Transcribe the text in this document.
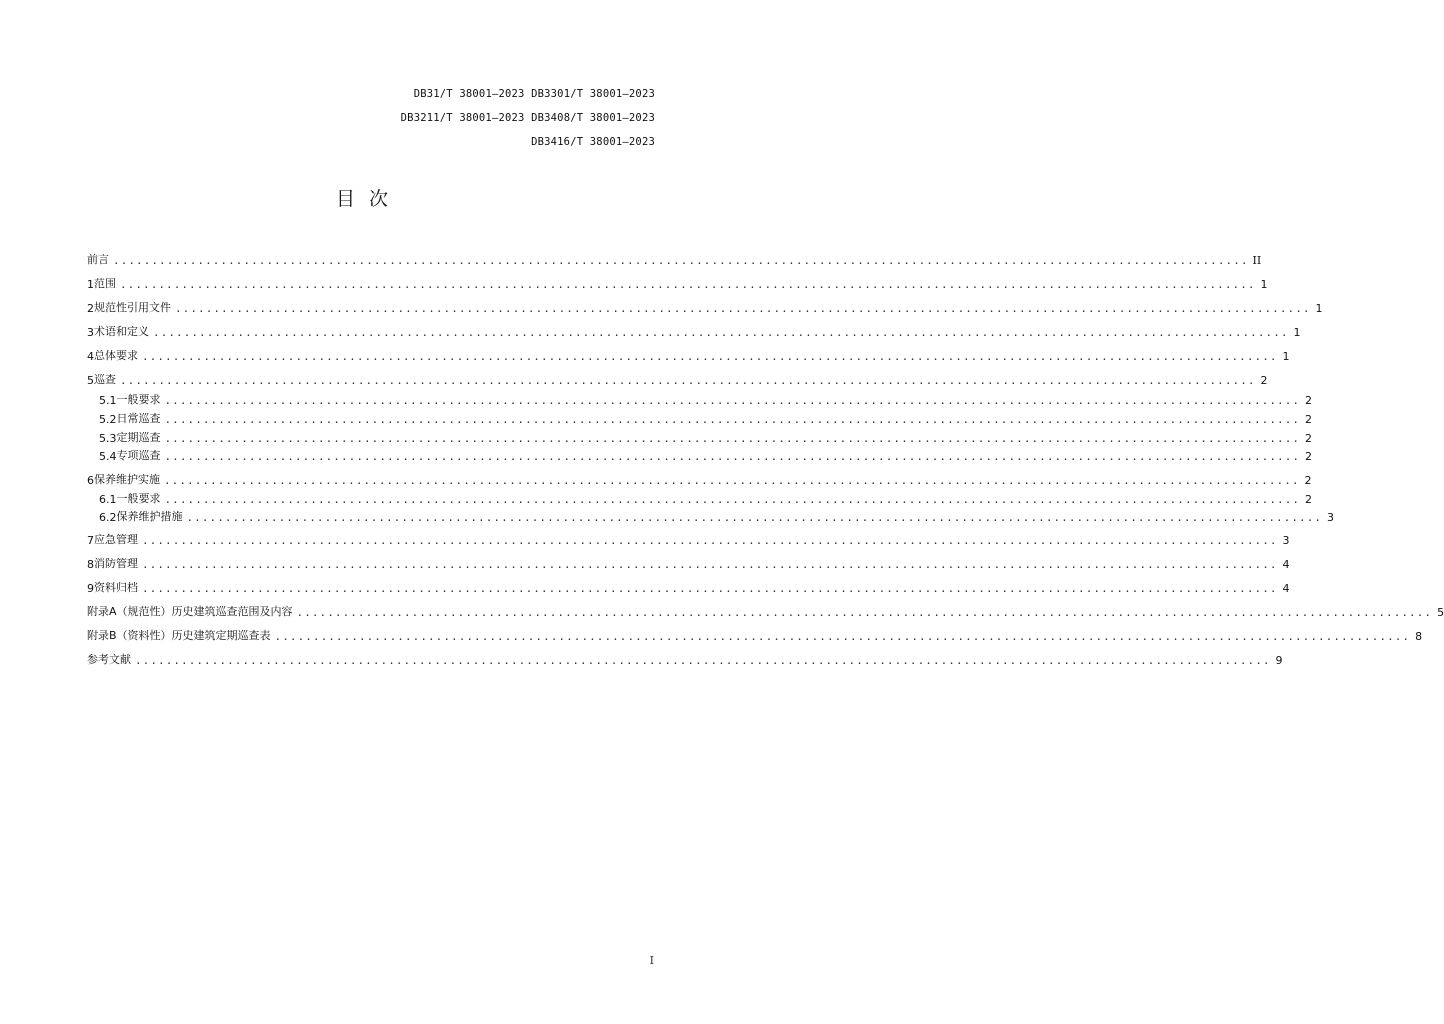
DB31/T 38001—2023 DB3301/T 38001—2023
DB3211/T 38001—2023 DB3408/T 38001—2023
DB3416/T 38001—2023
目次
前言 .................................................................................................................................................... II
1 范围 .................................................................................................................................................... 1
2 规范性引用文件 .................................................................................................................................................... 1
3 术语和定义 .................................................................................................................................................... 1
4 总体要求 .................................................................................................................................................... 1
5 巡查 .................................................................................................................................................... 2
5.1 一般要求 .................................................................................................................................................... 2
5.2 日常巡查 .................................................................................................................................................... 2
5.3 定期巡查 .................................................................................................................................................... 2
5.4 专项巡查 .................................................................................................................................................... 2
6 保养维护实施 .................................................................................................................................................... 2
6.1 一般要求 .................................................................................................................................................... 2
6.2 保养维护措施 .................................................................................................................................................... 3
7 应急管理 .................................................................................................................................................... 3
8 消防管理 .................................................................................................................................................... 4
9 资料归档 .................................................................................................................................................... 4
附录A（规范性）历史建筑巡查范围及内容 .................................................................................................................................................... 5
附录B（资料性）历史建筑定期巡查表 .................................................................................................................................................... 8
参考文献 .................................................................................................................................................... 9
I
